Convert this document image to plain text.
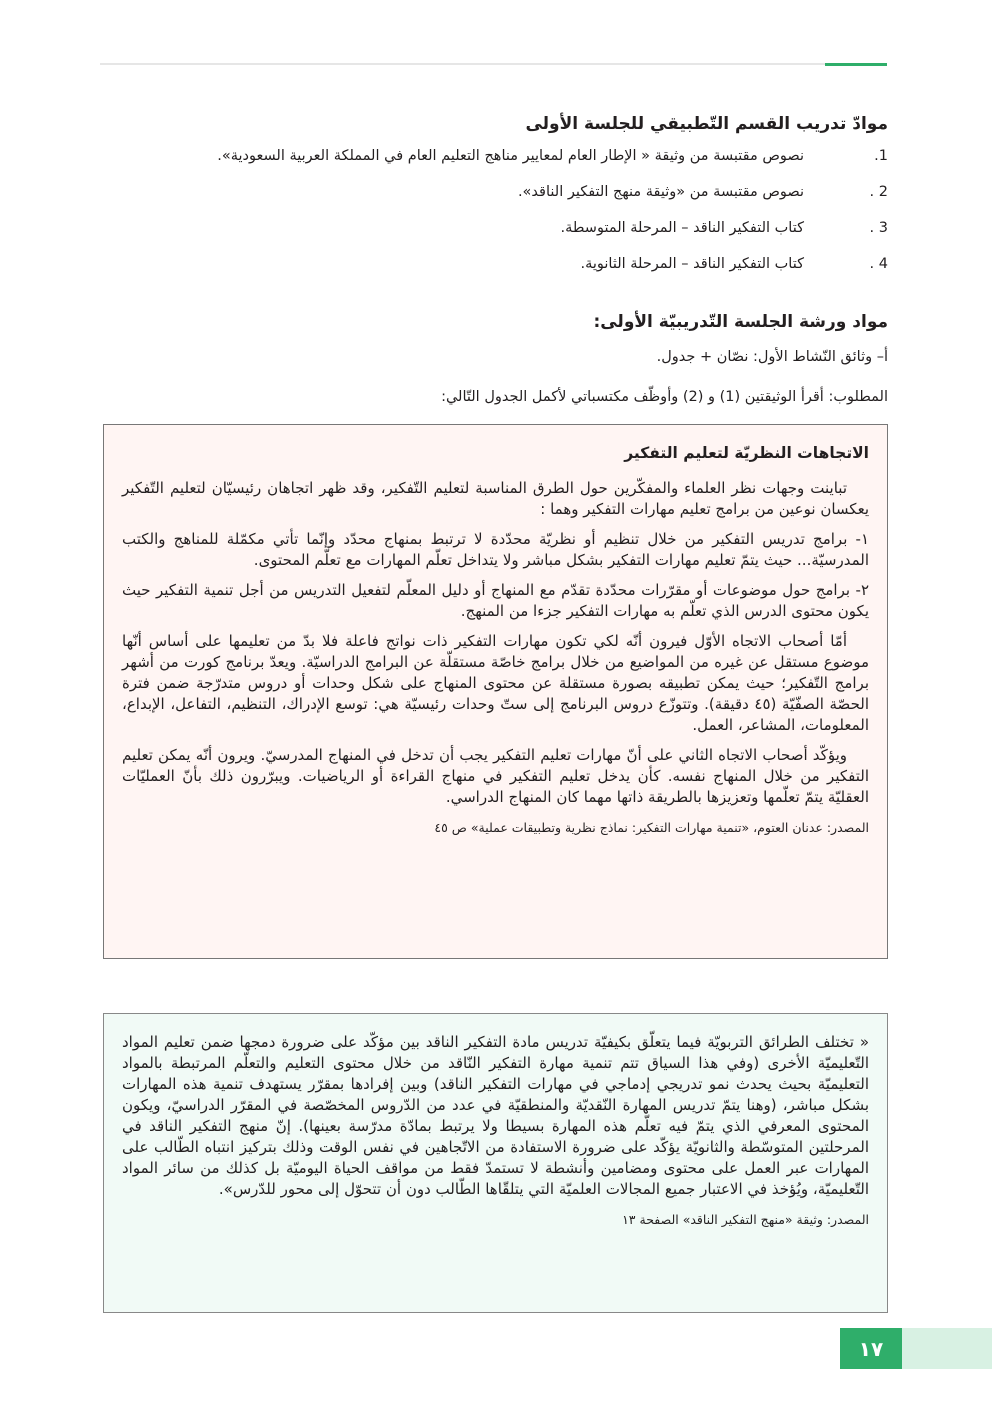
موادّ تدريب القسم التّطبيقي للجلسة الأولى
.1
نصوص مقتبسة من وثيقة « الإطار العام لمعايير مناهج التعليم العام في المملكة العربية السعودية».
. 2
نصوص مقتبسة من «وثيقة منهج التفكير الناقد».
. 3
كتاب التفكير الناقد – المرحلة المتوسطة.
. 4
كتاب التفكير الناقد – المرحلة الثانوية.
مواد ورشة الجلسة التّدريبيّة الأولى:
أ– وثائق النّشاط الأول: نصّان + جدول.
المطلوب: أقرأ الوثيقتين (1) و (2) وأوظّف مكتسباتي لأكمل الجدول التّالي:
الاتجاهات النظريّة لتعليم التفكير

تباينت وجهات نظر العلماء والمفكّرين حول الطرق المناسبة لتعليم التّفكير، وقد ظهر اتجاهان رئيسيّان لتعليم التّفكير يعكسان نوعين من برامج تعليم مهارات التفكير وهما :

١- برامج تدريس التفكير من خلال تنظيم أو نظريّة محدّدة لا ترتبط بمنهاج محدّد وإنّما تأتي مكمّلة للمناهج والكتب المدرسيّة... حيث يتمّ تعليم مهارات التفكير بشكل مباشر ولا يتداخل تعلّم المهارات مع تعلّم المحتوى.

٢- برامج حول موضوعات أو مقرّرات محدّدة تقدّم مع المنهاج أو دليل المعلّم لتفعيل التدريس من أجل تنمية التفكير حيث يكون محتوى الدرس الذي تعلّم به مهارات التفكير جزءا من المنهج.

أمّا أصحاب الاتجاه الأوّل فيرون أنّه لكي تكون مهارات التفكير ذات نواتج فاعلة فلا بدّ من تعليمها على أساس أنّها موضوع مستقل عن غيره من المواضيع من خلال برامج خاصّة مستقلّة عن البرامج الدراسيّة. ويعدّ برنامج كورت من أشهر برامج التّفكير؛ حيث يمكن تطبيقه بصورة مستقلة عن محتوى المنهاج على شكل وحدات أو دروس متدرّجة ضمن فترة الحصّة الصفّيّة (٤٥ دقيقة). وتتوزّع دروس البرنامج إلى ستّ وحدات رئيسيّة هي: توسع الإدراك، التنظيم، التفاعل، الإبداع، المعلومات، المشاعر، العمل.

ويؤكّد أصحاب الاتجاه الثاني على أنّ مهارات تعليم التفكير يجب أن تدخل في المنهاج المدرسيّ. ويرون أنّه يمكن تعليم التفكير من خلال المنهاج نفسه. كأن يدخل تعليم التفكير في منهاج القراءة أو الرياضيات. ويبرّرون ذلك بأنّ العمليّات العقليّة يتمّ تعلّمها وتعزيزها بالطريقة ذاتها مهما كان المنهاج الدراسي.

المصدر: عدنان العتوم، «تنمية مهارات التفكير: نماذج نظرية وتطبيقات عملية» ص ٤٥

« تختلف الطرائق التربويّة فيما يتعلّق بكيفيّة تدريس مادة التفكير الناقد بين مؤكّد على ضرورة دمجها ضمن تعليم المواد التّعليميّة الأخرى (وفي هذا السياق تتم تنمية مهارة التفكير النّاقد من خلال محتوى التعليم والتعلّم المرتبطة بالمواد التعليميّة بحيث يحدث نمو تدريجي إدماجي في مهارات التفكير الناقد) وبين إفرادها بمقرّر يستهدف تنمية هذه المهارات بشكل مباشر، (وهنا يتمّ تدريس المهارة النّقديّة والمنطقيّة في عدد من الدّروس المخصّصة في المقرّر الدراسيّ، ويكون المحتوى المعرفي الذي يتمّ فيه تعلّم هذه المهارة بسيطا ولا يرتبط بمادّة مدرّسة بعينها). إنّ منهج التفكير الناقد في المرحلتين المتوسّطة والثانويّة يؤكّد على ضرورة الاستفادة من الاتّجاهين في نفس الوقت وذلك بتركيز انتباه الطّالب على المهارات عبر العمل على محتوى ومضامين وأنشطة لا تستمدّ فقط من مواقف الحياة اليوميّة بل كذلك من سائر المواد التّعليميّة، ويُؤخذ في الاعتبار جميع المجالات العلميّة التي يتلقّاها الطّالب دون أن تتحوّل إلى محور للدّرس».

المصدر: وثيقة «منهج التفكير الناقد» الصفحة ١٣
١٧
